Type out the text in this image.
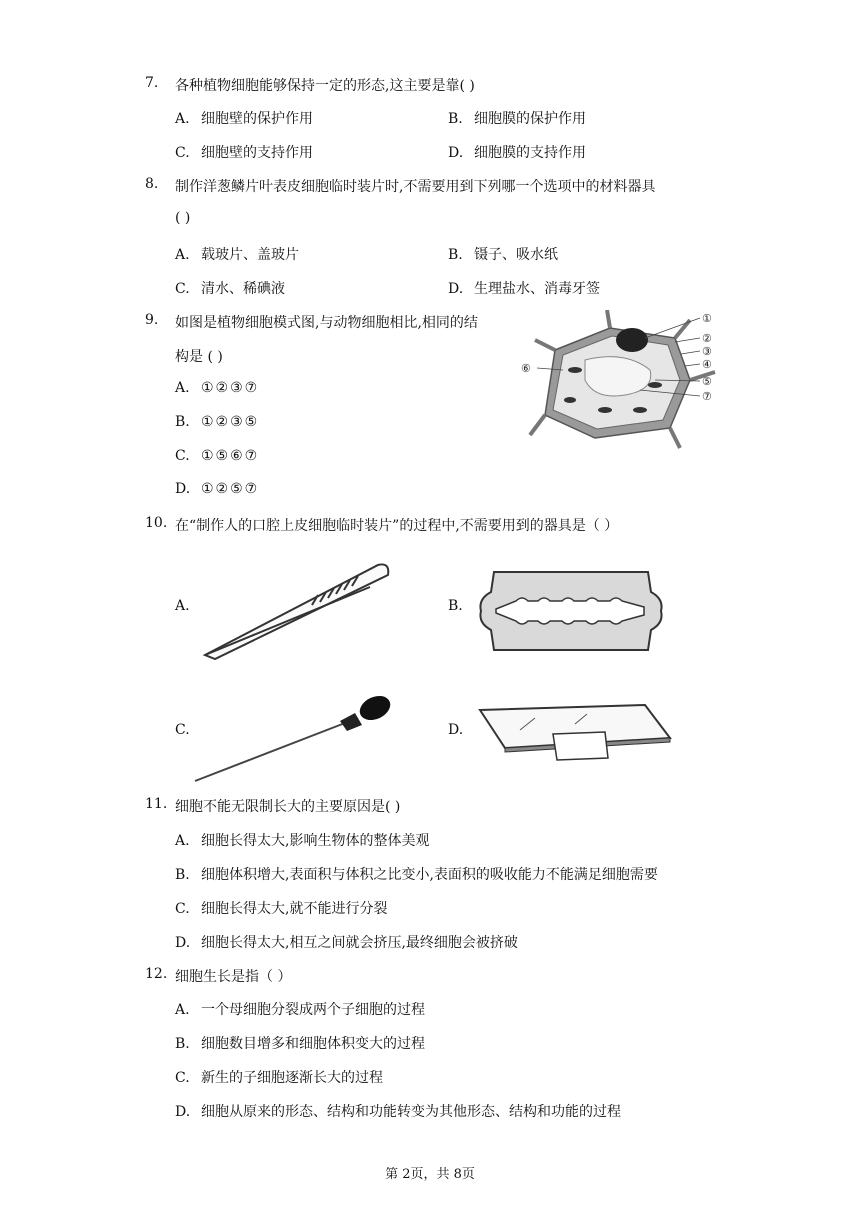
7. 各种植物细胞能够保持一定的形态,这主要是靠( )
A. 细胞壁的保护作用	B. 细胞膜的保护作用
C. 细胞壁的支持作用	D. 细胞膜的支持作用
8. 制作洋葱鳞片叶表皮细胞临时装片时,不需要用到下列哪一个选项中的材料器具
( )
A. 载玻片、盖玻片	B. 镊子、吸水纸
C. 清水、稀碘液	D. 生理盐水、消毒牙签
9. 如图是植物细胞模式图,与动物细胞相比,相同的结
构是 ( )
A. ①②③⑦
B. ①②③⑤
C. ①⑤⑥⑦
D. ①②⑤⑦
①
②
③
④
⑤
⑦
⑥
10. 在“制作人的口腔上皮细胞临时装片”的过程中,不需要用到的器具是（ ）
A.	B.
C.	D.
11. 细胞不能无限制长大的主要原因是( )
A. 细胞长得太大,影响生物体的整体美观
B. 细胞体积增大,表面积与体积之比变小,表面积的吸收能力不能满足细胞需要
C. 细胞长得太大,就不能进行分裂
D. 细胞长得太大,相互之间就会挤压,最终细胞会被挤破
12. 细胞生长是指（ ）
A. 一个母细胞分裂成两个子细胞的过程
B. 细胞数目增多和细胞体积变大的过程
C. 新生的子细胞逐渐长大的过程
D. 细胞从原来的形态、结构和功能转变为其他形态、结构和功能的过程
第 2页，共 8页
